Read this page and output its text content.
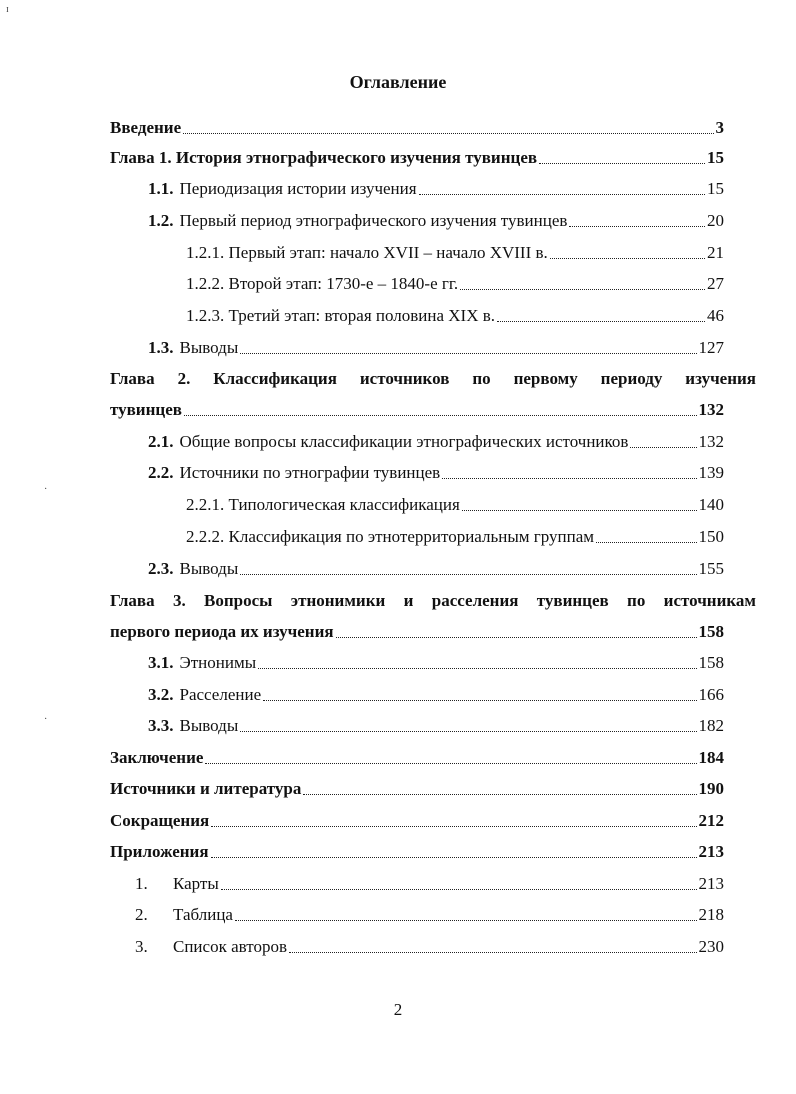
Оглавление
Введение	3
Глава 1. История этнографического изучения тувинцев	15
1.1. Периодизация истории изучения	15
1.2. Первый период этнографического изучения тувинцев	20
1.2.1. Первый этап: начало XVII – начало XVIII в.	21
1.2.2. Второй этап: 1730-е – 1840-е гг.	27
1.2.3. Третий этап: вторая половина XIX в.	46
1.3. Выводы	127
Глава 2. Классификация источников по первому периоду изучения
тувинцев	132
2.1. Общие вопросы классификации этнографических источников	132
2.2. Источники по этнографии тувинцев	139
2.2.1. Типологическая классификация	140
2.2.2. Классификация по этнотерриториальным группам	150
2.3. Выводы	155
Глава 3. Вопросы этнонимики и расселения тувинцев по источникам
первого периода их изучения	158
3.1. Этнонимы	158
3.2. Расселение	166
3.3. Выводы	182
Заключение	184
Источники и литература	190
Сокращения	212
Приложения	213
1.	Карты	213
2.	Таблица	218
3.	Список авторов	230
2
ɪ
·
·
